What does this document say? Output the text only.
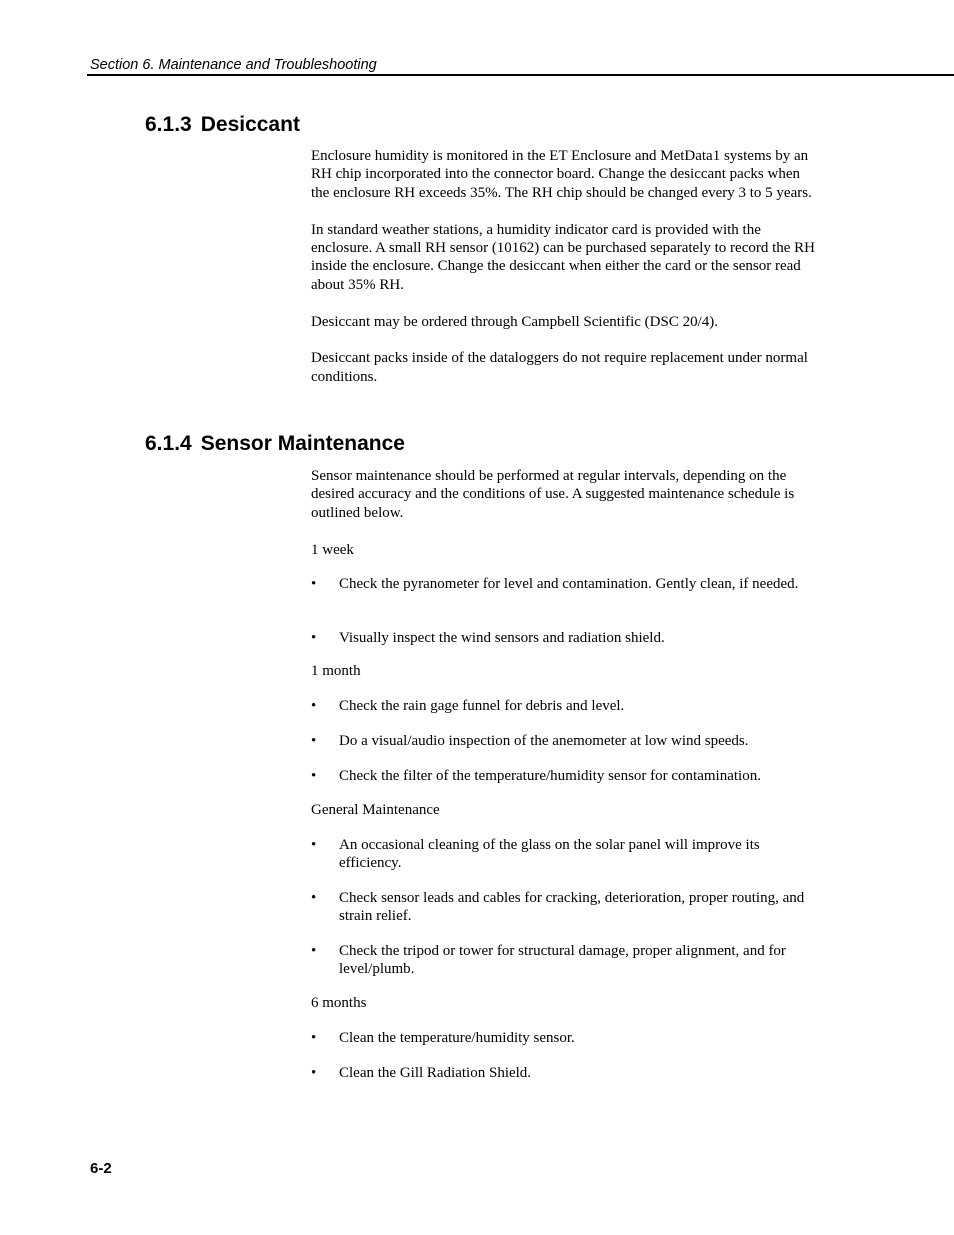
Section 6. Maintenance and Troubleshooting
6.1.3 Desiccant

Enclosure humidity is monitored in the ET Enclosure and MetData1 systems by an RH chip incorporated into the connector board. Change the desiccant packs when the enclosure RH exceeds 35%. The RH chip should be changed every 3 to 5 years.

In standard weather stations, a humidity indicator card is provided with the enclosure. A small RH sensor (10162) can be purchased separately to record the RH inside the enclosure. Change the desiccant when either the card or the sensor read about 35% RH.

Desiccant may be ordered through Campbell Scientific (DSC 20/4).

Desiccant packs inside of the dataloggers do not require replacement under normal conditions.

6.1.4 Sensor Maintenance
Sensor maintenance should be performed at regular intervals, depending on the desired accuracy and the conditions of use. A suggested maintenance schedule is outlined below.
1 week
• Check the pyranometer for level and contamination. Gently clean, if needed.
• Visually inspect the wind sensors and radiation shield.
1 month
• Check the rain gage funnel for debris and level.
• Do a visual/audio inspection of the anemometer at low wind speeds.
• Check the filter of the temperature/humidity sensor for contamination.
General Maintenance
• An occasional cleaning of the glass on the solar panel will improve its efficiency.
• Check sensor leads and cables for cracking, deterioration, proper routing, and strain relief.
• Check the tripod or tower for structural damage, proper alignment, and for level/plumb.
6 months
• Clean the temperature/humidity sensor.
• Clean the Gill Radiation Shield.
6-2
